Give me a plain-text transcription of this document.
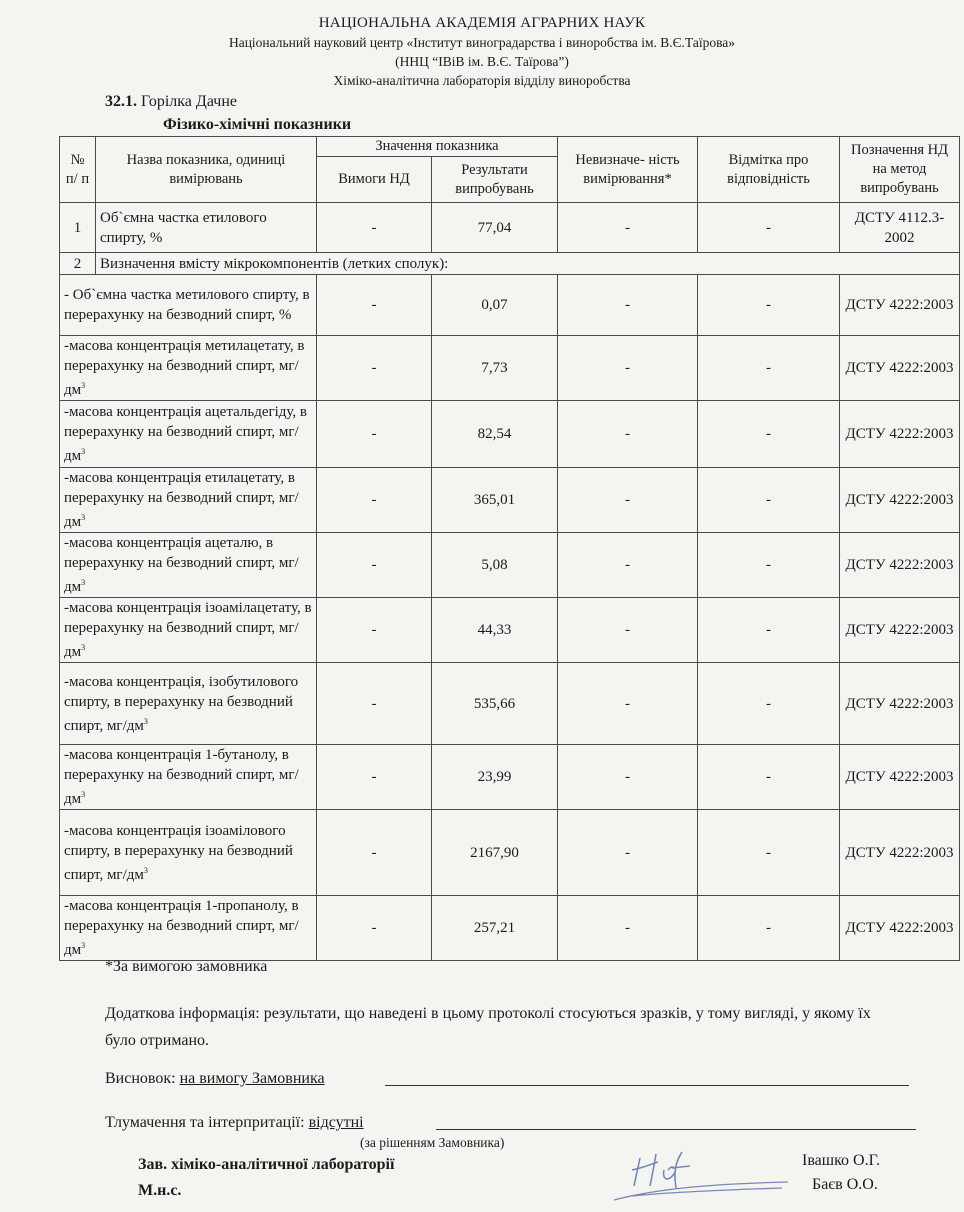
НАЦІОНАЛЬНА АКАДЕМІЯ АГРАРНИХ НАУК
Національний науковий центр «Інститут виноградарства і виноробства ім. В.Є.Таїрова»
(ННЦ “ІВіВ ім. В.Є. Таїрова”)
Хіміко-аналітична лабораторія відділу виноробства
32.1. Горілка Дачне
Фізико-хімічні показники
№ п/ п	Назва показника, одиниці вимірювань	Значення показника		Невизначе- ність вимірювання*	Відмітка про відповідність	Позначення НД на метод випробувань
		Вимоги НД	Результати випробувань			
1	Об`ємна частка етилового спирту, %	-	77,04	-	-	ДСТУ 4112.3-2002
2	Визначення вмісту мікрокомпонентів (летких сполук):					
- Об`ємна частка метилового спирту, в перерахунку на безводний спирт, %		-	0,07	-	-	ДСТУ 4222:2003
-масова концентрація метилацетату, в перерахунку на безводний спирт, $мг/дм^3$		-	7,73	-	-	ДСТУ 4222:2003
-масова концентрація ацетальдегіду, в перерахунку на безводний спирт, $мг/дм^3$		-	82,54	-	-	ДСТУ 4222:2003
-масова концентрація етилацетату, в перерахунку на безводний спирт, $мг/дм^3$		-	365,01	-	-	ДСТУ 4222:2003
-масова концентрація ацеталю, в перерахунку на безводний спирт, $мг/дм^3$		-	5,08	-	-	ДСТУ 4222:2003
-масова концентрація ізоамілацетату, в перерахунку на безводний спирт, $мг/дм^3$		-	44,33	-	-	ДСТУ 4222:2003
-масова концентрація, ізобутилового спирту, в перерахунку на безводний спирт, $мг/дм^3$		-	535,66	-	-	ДСТУ 4222:2003
-масова концентрація 1-бутанолу, в перерахунку на безводний спирт, $мг/дм^3$		-	23,99	-	-	ДСТУ 4222:2003
-масова концентрація ізоамілового спирту, в перерахунку на безводний спирт, $мг/дм^3$		-	2167,90	-	-	ДСТУ 4222:2003
-масова концентрація 1-пропанолу, в перерахунку на безводний спирт, $мг/дм^3$		-	257,21	-	-	ДСТУ 4222:2003
*За вимогою замовника
Додаткова інформація: результати, що наведені в цьому протоколі стосуються зразків, у тому вигляді, у якому їх було отримано.
Висновок: на вимогу Замовника
Тлумачення та інтерпритації: відсутні
(за рішенням Замовника)
Зав. хіміко-аналітичної лабораторії
М.н.с.
Івашко О.Г.
Баєв О.О.
